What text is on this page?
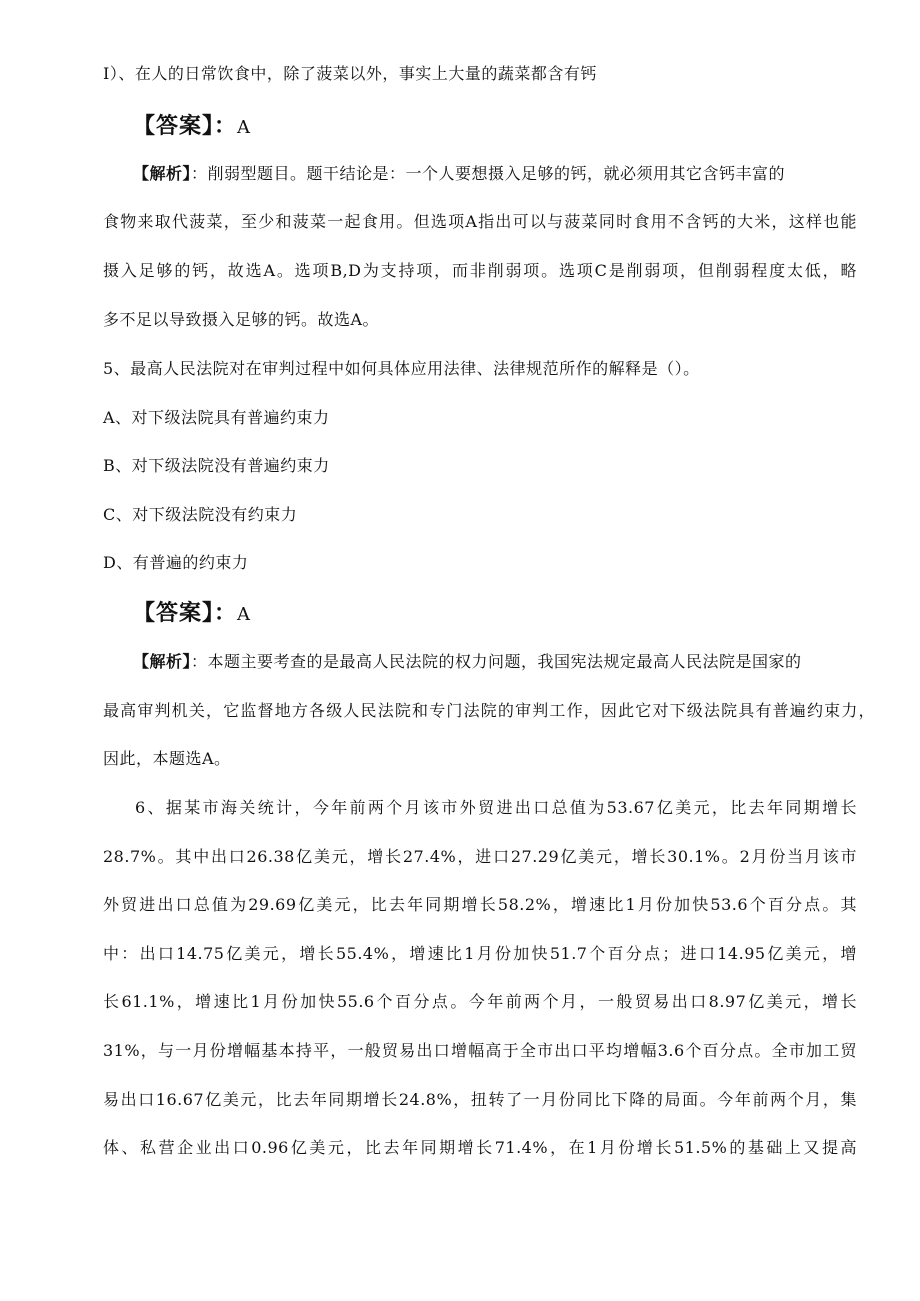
I）、在人的日常饮食中，除了菠菜以外，事实上大量的蔬菜都含有钙
【答案】：A
【解析】：削弱型题目。题干结论是：一个人要想摄入足够的钙，就必须用其它含钙丰富的
食物来取代菠菜，至少和菠菜一起食用。但选项A指出可以与菠菜同时食用不含钙的大米，这样也能
摄入足够的钙，故选A。选项B,D为支持项，而非削弱项。选项C是削弱项，但削弱程度太低，略
多不足以导致摄入足够的钙。故选A。
5、最高人民法院对在审判过程中如何具体应用法律、法律规范所作的解释是（）。
A、对下级法院具有普遍约束力
B、对下级法院没有普遍约束力
C、对下级法院没有约束力
D、有普遍的约束力
【答案】：A
【解析】：本题主要考查的是最高人民法院的权力问题，我国宪法规定最高人民法院是国家的
最高审判机关，它监督地方各级人民法院和专门法院的审判工作，因此它对下级法院具有普遍约束力，
因此，本题选A。
6、据某市海关统计，今年前两个月该市外贸进出口总值为53.67亿美元，比去年同期增长
28.7%。其中出口26.38亿美元，增长27.4%，进口27.29亿美元，增长30.1%。2月份当月该市
外贸进出口总值为29.69亿美元，比去年同期增长58.2%，增速比1月份加快53.6个百分点。其
中：出口14.75亿美元，增长55.4%，增速比1月份加快51.7个百分点；进口14.95亿美元，增
长61.1%，增速比1月份加快55.6个百分点。今年前两个月，一般贸易出口8.97亿美元，增长
31%，与一月份增幅基本持平，一般贸易出口增幅高于全市出口平均增幅3.6个百分点。全市加工贸
易出口16.67亿美元，比去年同期增长24.8%，扭转了一月份同比下降的局面。今年前两个月，集
体、私营企业出口0.96亿美元，比去年同期增长71.4%，在1月份增长51.5%的基础上又提高
